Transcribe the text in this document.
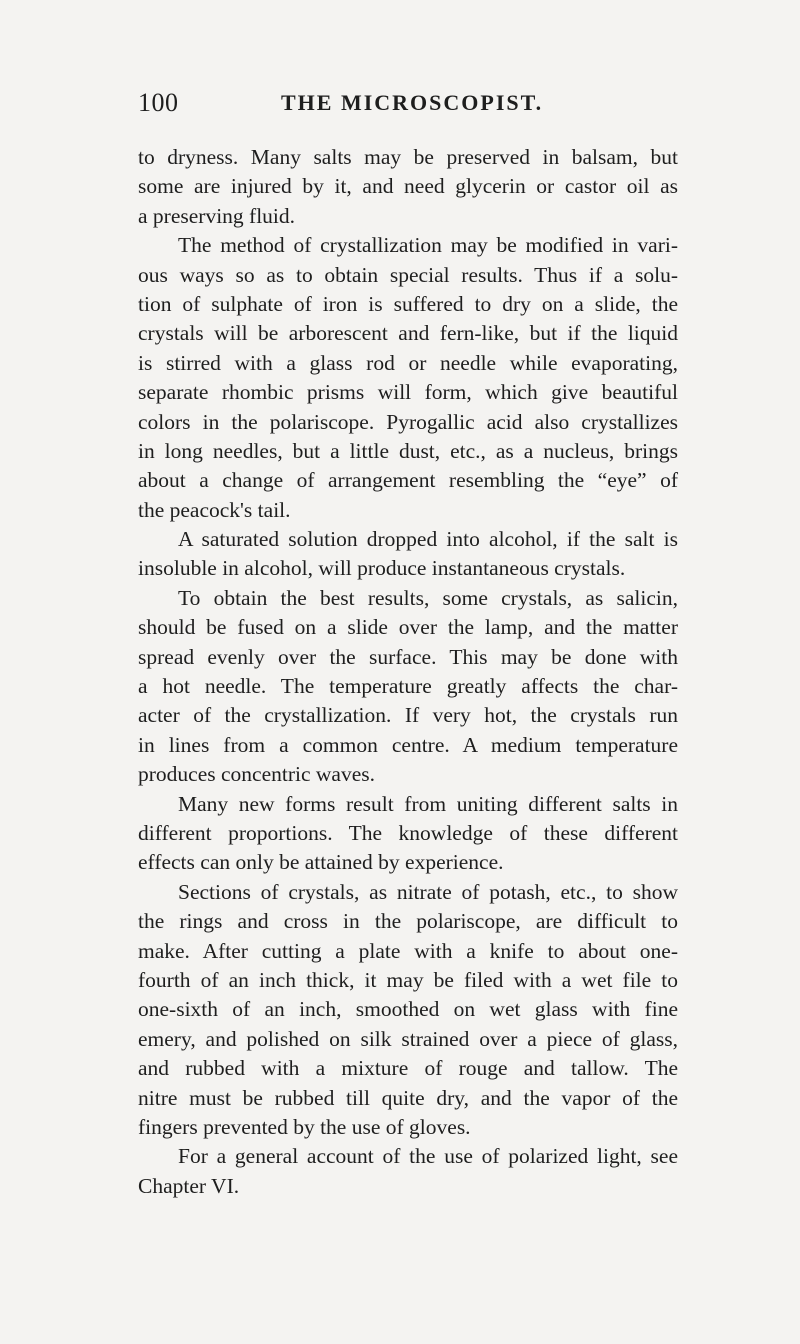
100	THE MICROSCOPIST.
to dryness. Many salts may be preserved in balsam, but
some are injured by it, and need glycerin or castor oil as
a preserving fluid.
The method of crystallization may be modified in vari-
ous ways so as to obtain special results. Thus if a solu-
tion of sulphate of iron is suffered to dry on a slide, the
crystals will be arborescent and fern-like, but if the liquid
is stirred with a glass rod or needle while evaporating,
separate rhombic prisms will form, which give beautiful
colors in the polariscope. Pyrogallic acid also crystallizes
in long needles, but a little dust, etc., as a nucleus, brings
about a change of arrangement resembling the “eye” of
the peacock's tail.
A saturated solution dropped into alcohol, if the salt is
insoluble in alcohol, will produce instantaneous crystals.
To obtain the best results, some crystals, as salicin,
should be fused on a slide over the lamp, and the matter
spread evenly over the surface. This may be done with
a hot needle. The temperature greatly affects the char-
acter of the crystallization. If very hot, the crystals run
in lines from a common centre. A medium temperature
produces concentric waves.
Many new forms result from uniting different salts in
different proportions. The knowledge of these different
effects can only be attained by experience.
Sections of crystals, as nitrate of potash, etc., to show
the rings and cross in the polariscope, are difficult to
make. After cutting a plate with a knife to about one-
fourth of an inch thick, it may be filed with a wet file to
one-sixth of an inch, smoothed on wet glass with fine
emery, and polished on silk strained over a piece of glass,
and rubbed with a mixture of rouge and tallow. The
nitre must be rubbed till quite dry, and the vapor of the
fingers prevented by the use of gloves.
For a general account of the use of polarized light, see
Chapter VI.
